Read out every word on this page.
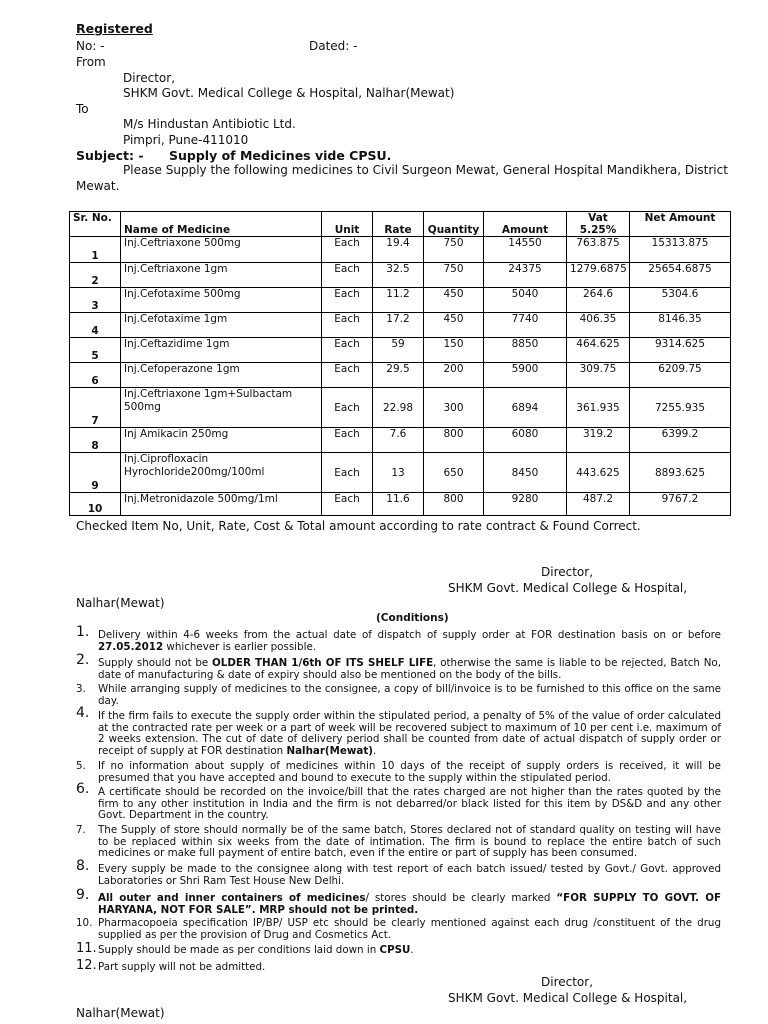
Registered
No: -	Dated: -
From
Director,
SHKM Govt. Medical College & Hospital, Nalhar(Mewat)
To
M/s Hindustan Antibiotic Ltd.
Pimpri, Pune-411010
Subject: - Supply of Medicines vide CPSU.
Please Supply the following medicines to Civil Surgeon Mewat, General Hospital Mandikhera, District
Mewat.
Sr. No.	Name of Medicine	Unit	Rate	Quantity	Amount	Vat 5.25%	Net Amount
1	Inj.Ceftriaxone 500mg	Each	19.4	750	14550	763.875	15313.875
2	Inj.Ceftriaxone 1gm	Each	32.5	750	24375	1279.6875	25654.6875
3	Inj.Cefotaxime 500mg	Each	11.2	450	5040	264.6	5304.6
4	Inj.Cefotaxime 1gm	Each	17.2	450	7740	406.35	8146.35
5	Inj.Ceftazidime 1gm	Each	59	150	8850	464.625	9314.625
6	Inj.Cefoperazone 1gm	Each	29.5	200	5900	309.75	6209.75
7	Inj.Ceftriaxone 1gm+Sulbactam 500mg	Each	22.98	300	6894	361.935	7255.935
8	Inj Amikacin 250mg	Each	7.6	800	6080	319.2	6399.2
9	Inj.Ciprofloxacin Hyrochloride200mg/100ml	Each	13	650	8450	443.625	8893.625
10	Inj.Metronidazole 500mg/1ml	Each	11.6	800	9280	487.2	9767.2
Checked Item No, Unit, Rate, Cost & Total amount according to rate contract & Found Correct.
Director,
SHKM Govt. Medical College & Hospital,
Nalhar(Mewat)
(Conditions)
1. Delivery within 4-6 weeks from the actual date of dispatch of supply order at FOR destination basis on or before 27.05.2012 whichever is earlier possible.
2. Supply should not be OLDER THAN 1/6th OF ITS SHELF LIFE, otherwise the same is liable to be rejected, Batch No, date of manufacturing & date of expiry should also be mentioned on the body of the bills.
3. While arranging supply of medicines to the consignee, a copy of bill/invoice is to be furnished to this office on the same day.
4. If the firm fails to execute the supply order within the stipulated period, a penalty of 5% of the value of order calculated at the contracted rate per week or a part of week will be recovered subject to maximum of 10 per cent i.e. maximum of 2 weeks extension. The cut of date of delivery period shall be counted from date of actual dispatch of supply order or receipt of supply at FOR destination Nalhar(Mewat).
5. If no information about supply of medicines within 10 days of the receipt of supply orders is received, it will be presumed that you have accepted and bound to execute to the supply within the stipulated period.
6. A certificate should be recorded on the invoice/bill that the rates charged are not higher than the rates quoted by the firm to any other institution in India and the firm is not debarred/or black listed for this item by DS&D and any other Govt. Department in the country.
7. The Supply of store should normally be of the same batch, Stores declared not of standard quality on testing will have to be replaced within six weeks from the date of intimation. The firm is bound to replace the entire batch of such medicines or make full payment of entire batch, even if the entire or part of supply has been consumed.
8. Every supply be made to the consignee along with test report of each batch issued/ tested by Govt./ Govt. approved Laboratories or Shri Ram Test House New Delhi.
9. All outer and inner containers of medicines/ stores should be clearly marked “FOR SUPPLY TO GOVT. OF HARYANA, NOT FOR SALE”. MRP should not be printed.
10. Pharmacopoeia specification IP/BP/ USP etc should be clearly mentioned against each drug /constituent of the drug supplied as per the provision of Drug and Cosmetics Act.
11. Supply should be made as per conditions laid down in CPSU.
12. Part supply will not be admitted.
Director,
SHKM Govt. Medical College & Hospital,
Nalhar(Mewat)
